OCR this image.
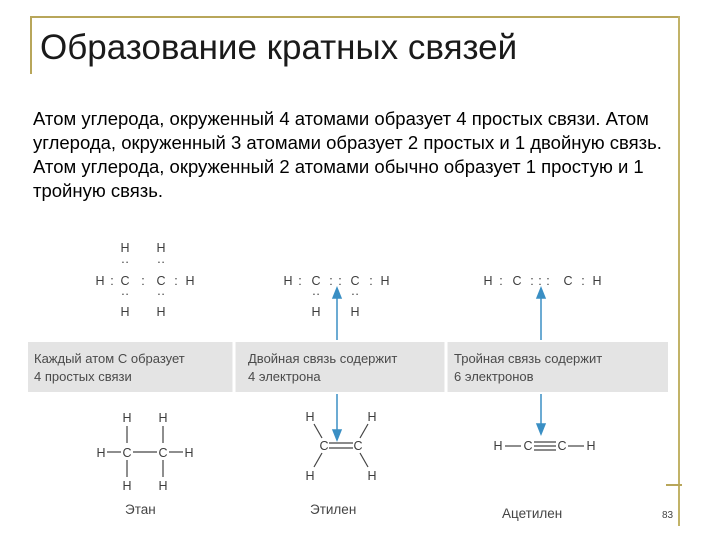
Образование кратных связей
Атом углерода, окруженный 4 атомами образует 4 простых связи. Атом углерода, окруженный 3 атомами образует 2 простых и 1 двойную связь. Атом углерода, окруженный 2 атомами обычно образует 1 простую и 1 тройную связь.
H H
·· ··
H : C : C : H
·· ··
H H
H : C : : C : H
·· ··
H H
H : C : : : C : H
Каждый атом C образует
4 простых связи
Двойная связь содержит
4 электрона
Тройная связь содержит
6 электронов
H H
H C C H
H H
H	H
C C
H	H
H C C H
Этан	Этилен	Ацетилен	83
